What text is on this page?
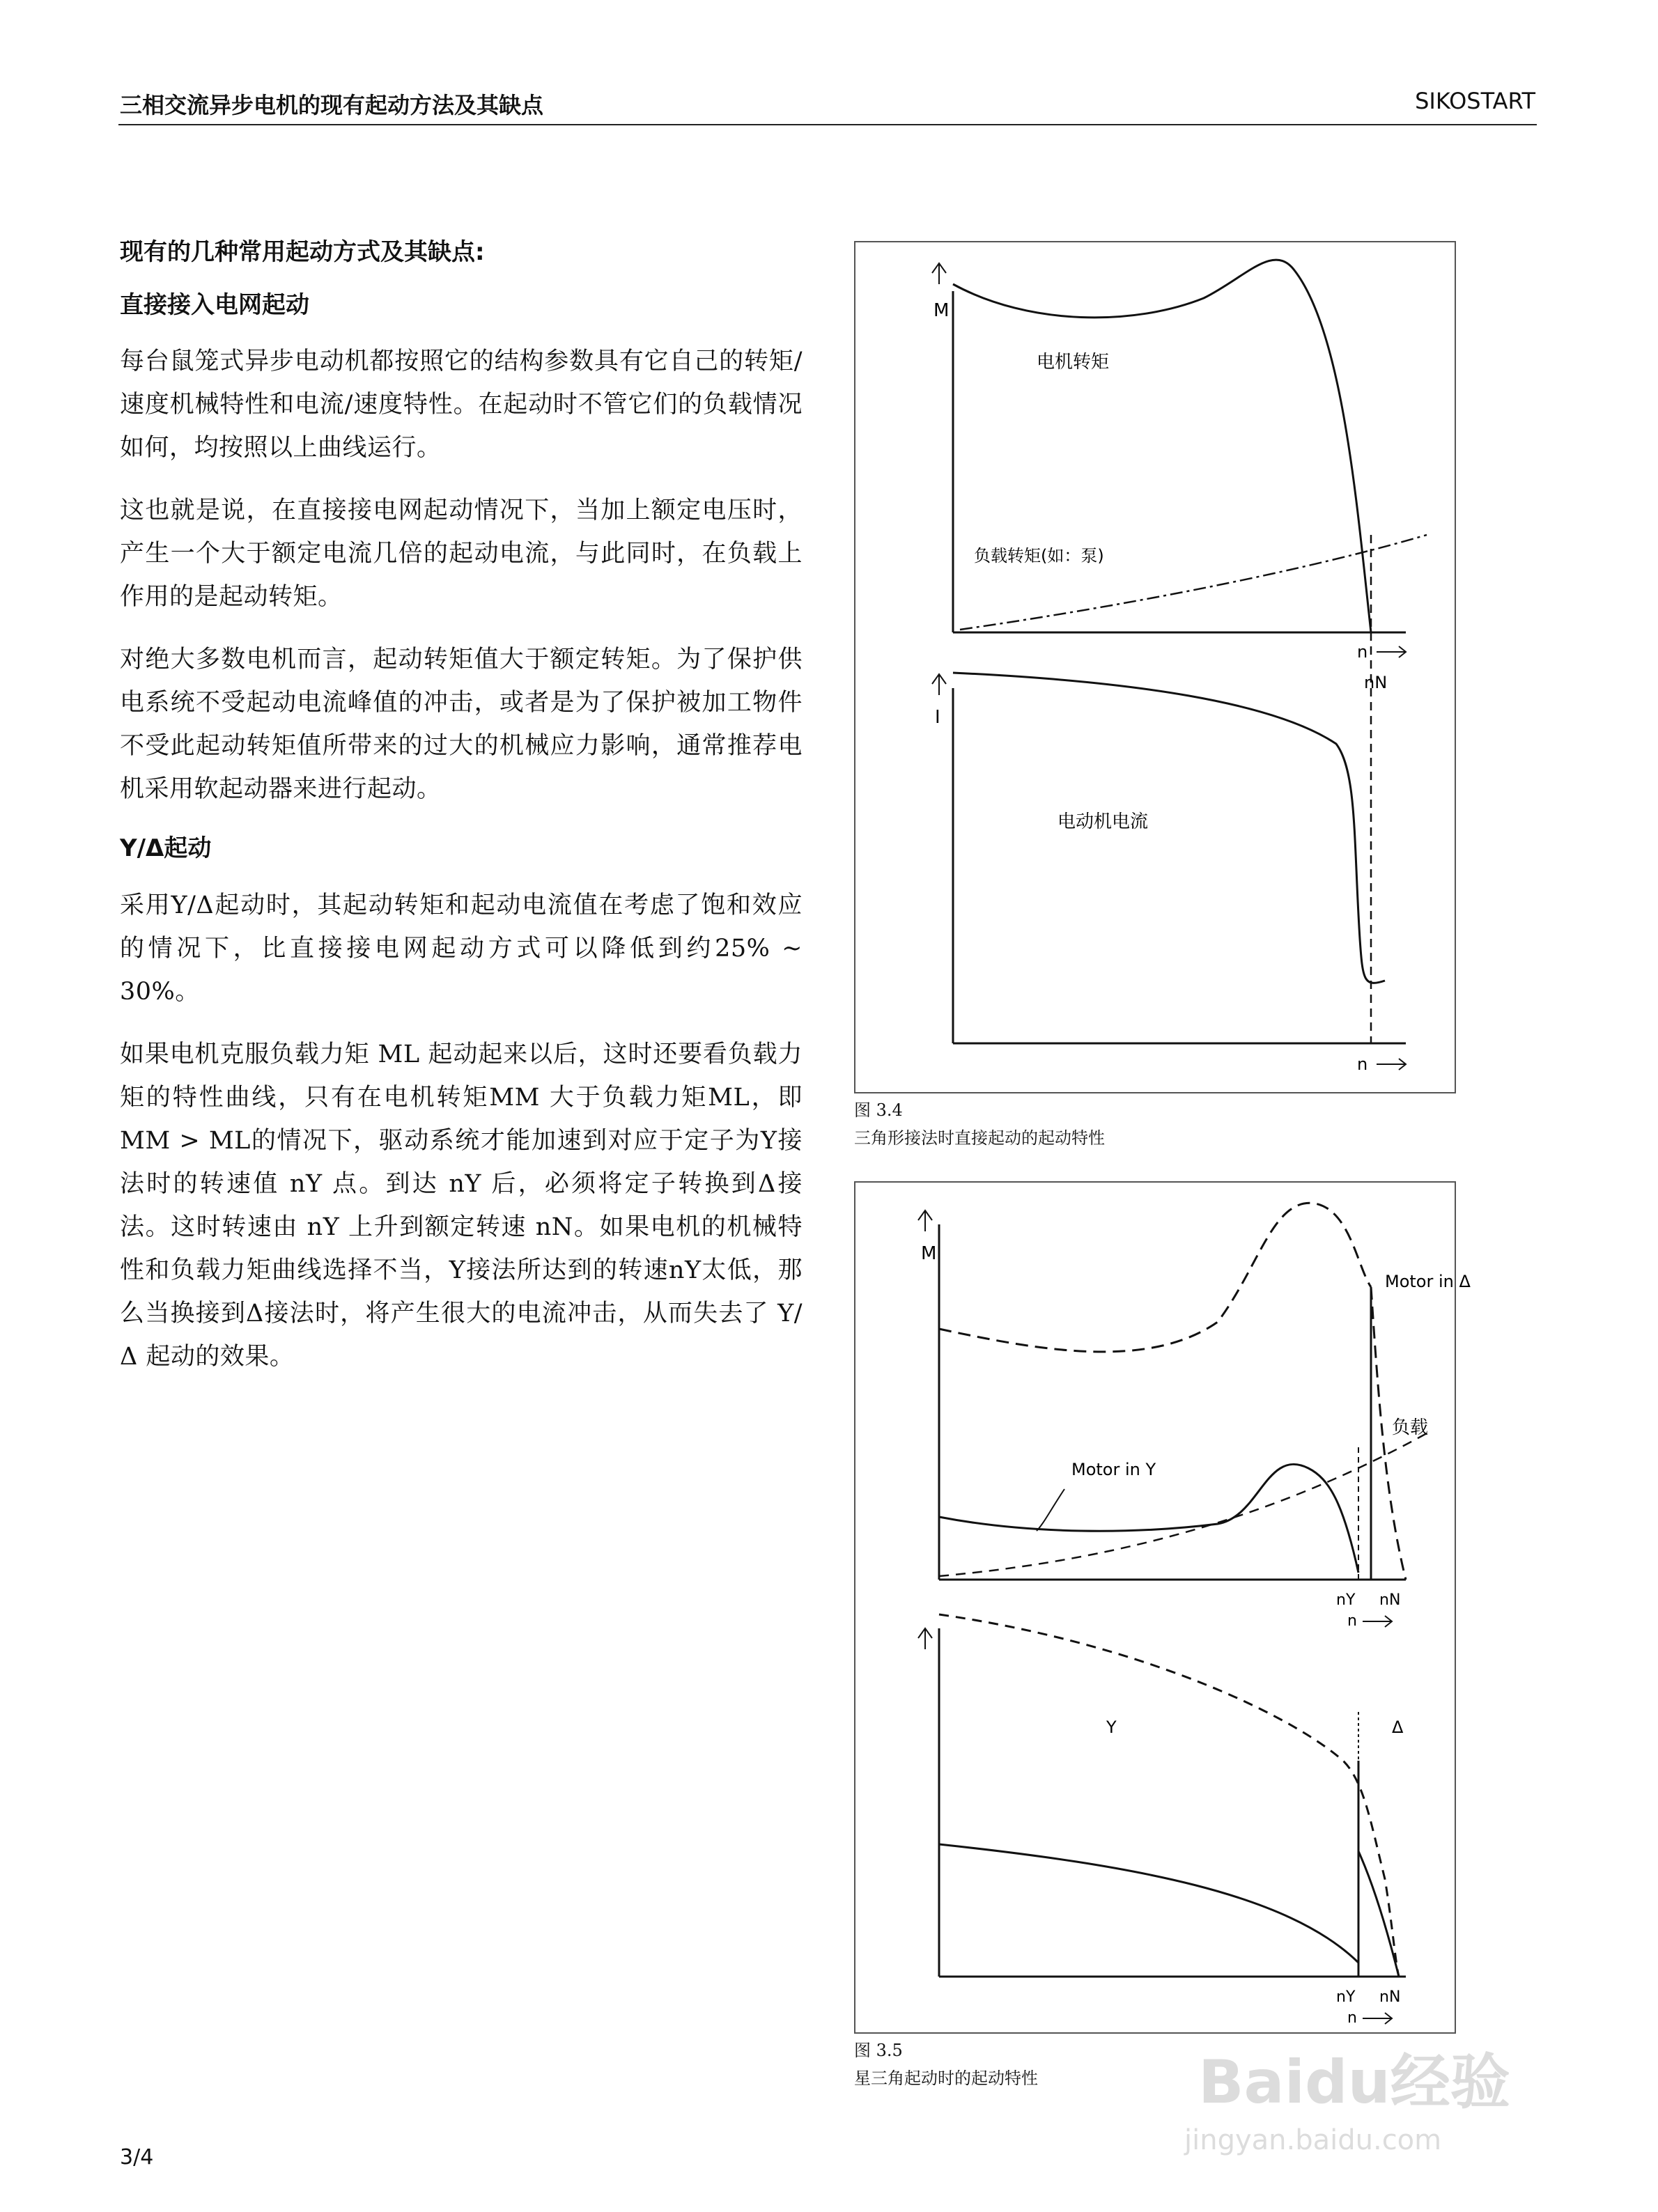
三相交流异步电机的现有起动方法及其缺点	SIKOSTART
现有的几种常用起动方式及其缺点:
直接接入电网起动
每台鼠笼式异步电动机都按照它的结构参数具有它自己的转矩/速度机械特性和电流/速度特性。在起动时不管它们的负载情况如何，均按照以上曲线运行。
这也就是说，在直接接电网起动情况下，当加上额定电压时，产生一个大于额定电流几倍的起动电流，与此同时，在负载上作用的是起动转矩。
对绝大多数电机而言，起动转矩值大于额定转矩。为了保护供电系统不受起动电流峰值的冲击，或者是为了保护被加工物件不受此起动转矩值所带来的过大的机械应力影响，通常推荐电机采用软起动器来进行起动。
Y/Δ起动
采用Y/Δ起动时，其起动转矩和起动电流值在考虑了饱和效应的情况下，比直接接电网起动方式可以降低到约25% ~ 30%。
如果电机克服负载力矩 ML 起动起来以后，这时还要看负载力矩的特性曲线，只有在电机转矩MM 大于负载力矩ML，即MM > ML的情况下，驱动系统才能加速到对应于定子为Y接法时的转速值 nY 点。到达 nY 后，必须将定子转换到Δ接法。这时转速由 nY 上升到额定转速 nN。如果电机的机械特性和负载力矩曲线选择不当，Y接法所达到的转速nY太低，那么当换接到Δ接法时，将产生很大的电流冲击，从而失去了 Y/Δ 起动的效果。
M
电机转矩
负载转矩(如：泵)
n
nN
I
电动机电流
n
图 3.4
三角形接法时直接起动的起动特性
M
Motor in Δ
负载
Motor in Y
nY nN
n
Y	Δ
nY nN
n
图 3.5
星三角起动时的起动特性
3/4
Baidu经验
jingyan.baidu.com
